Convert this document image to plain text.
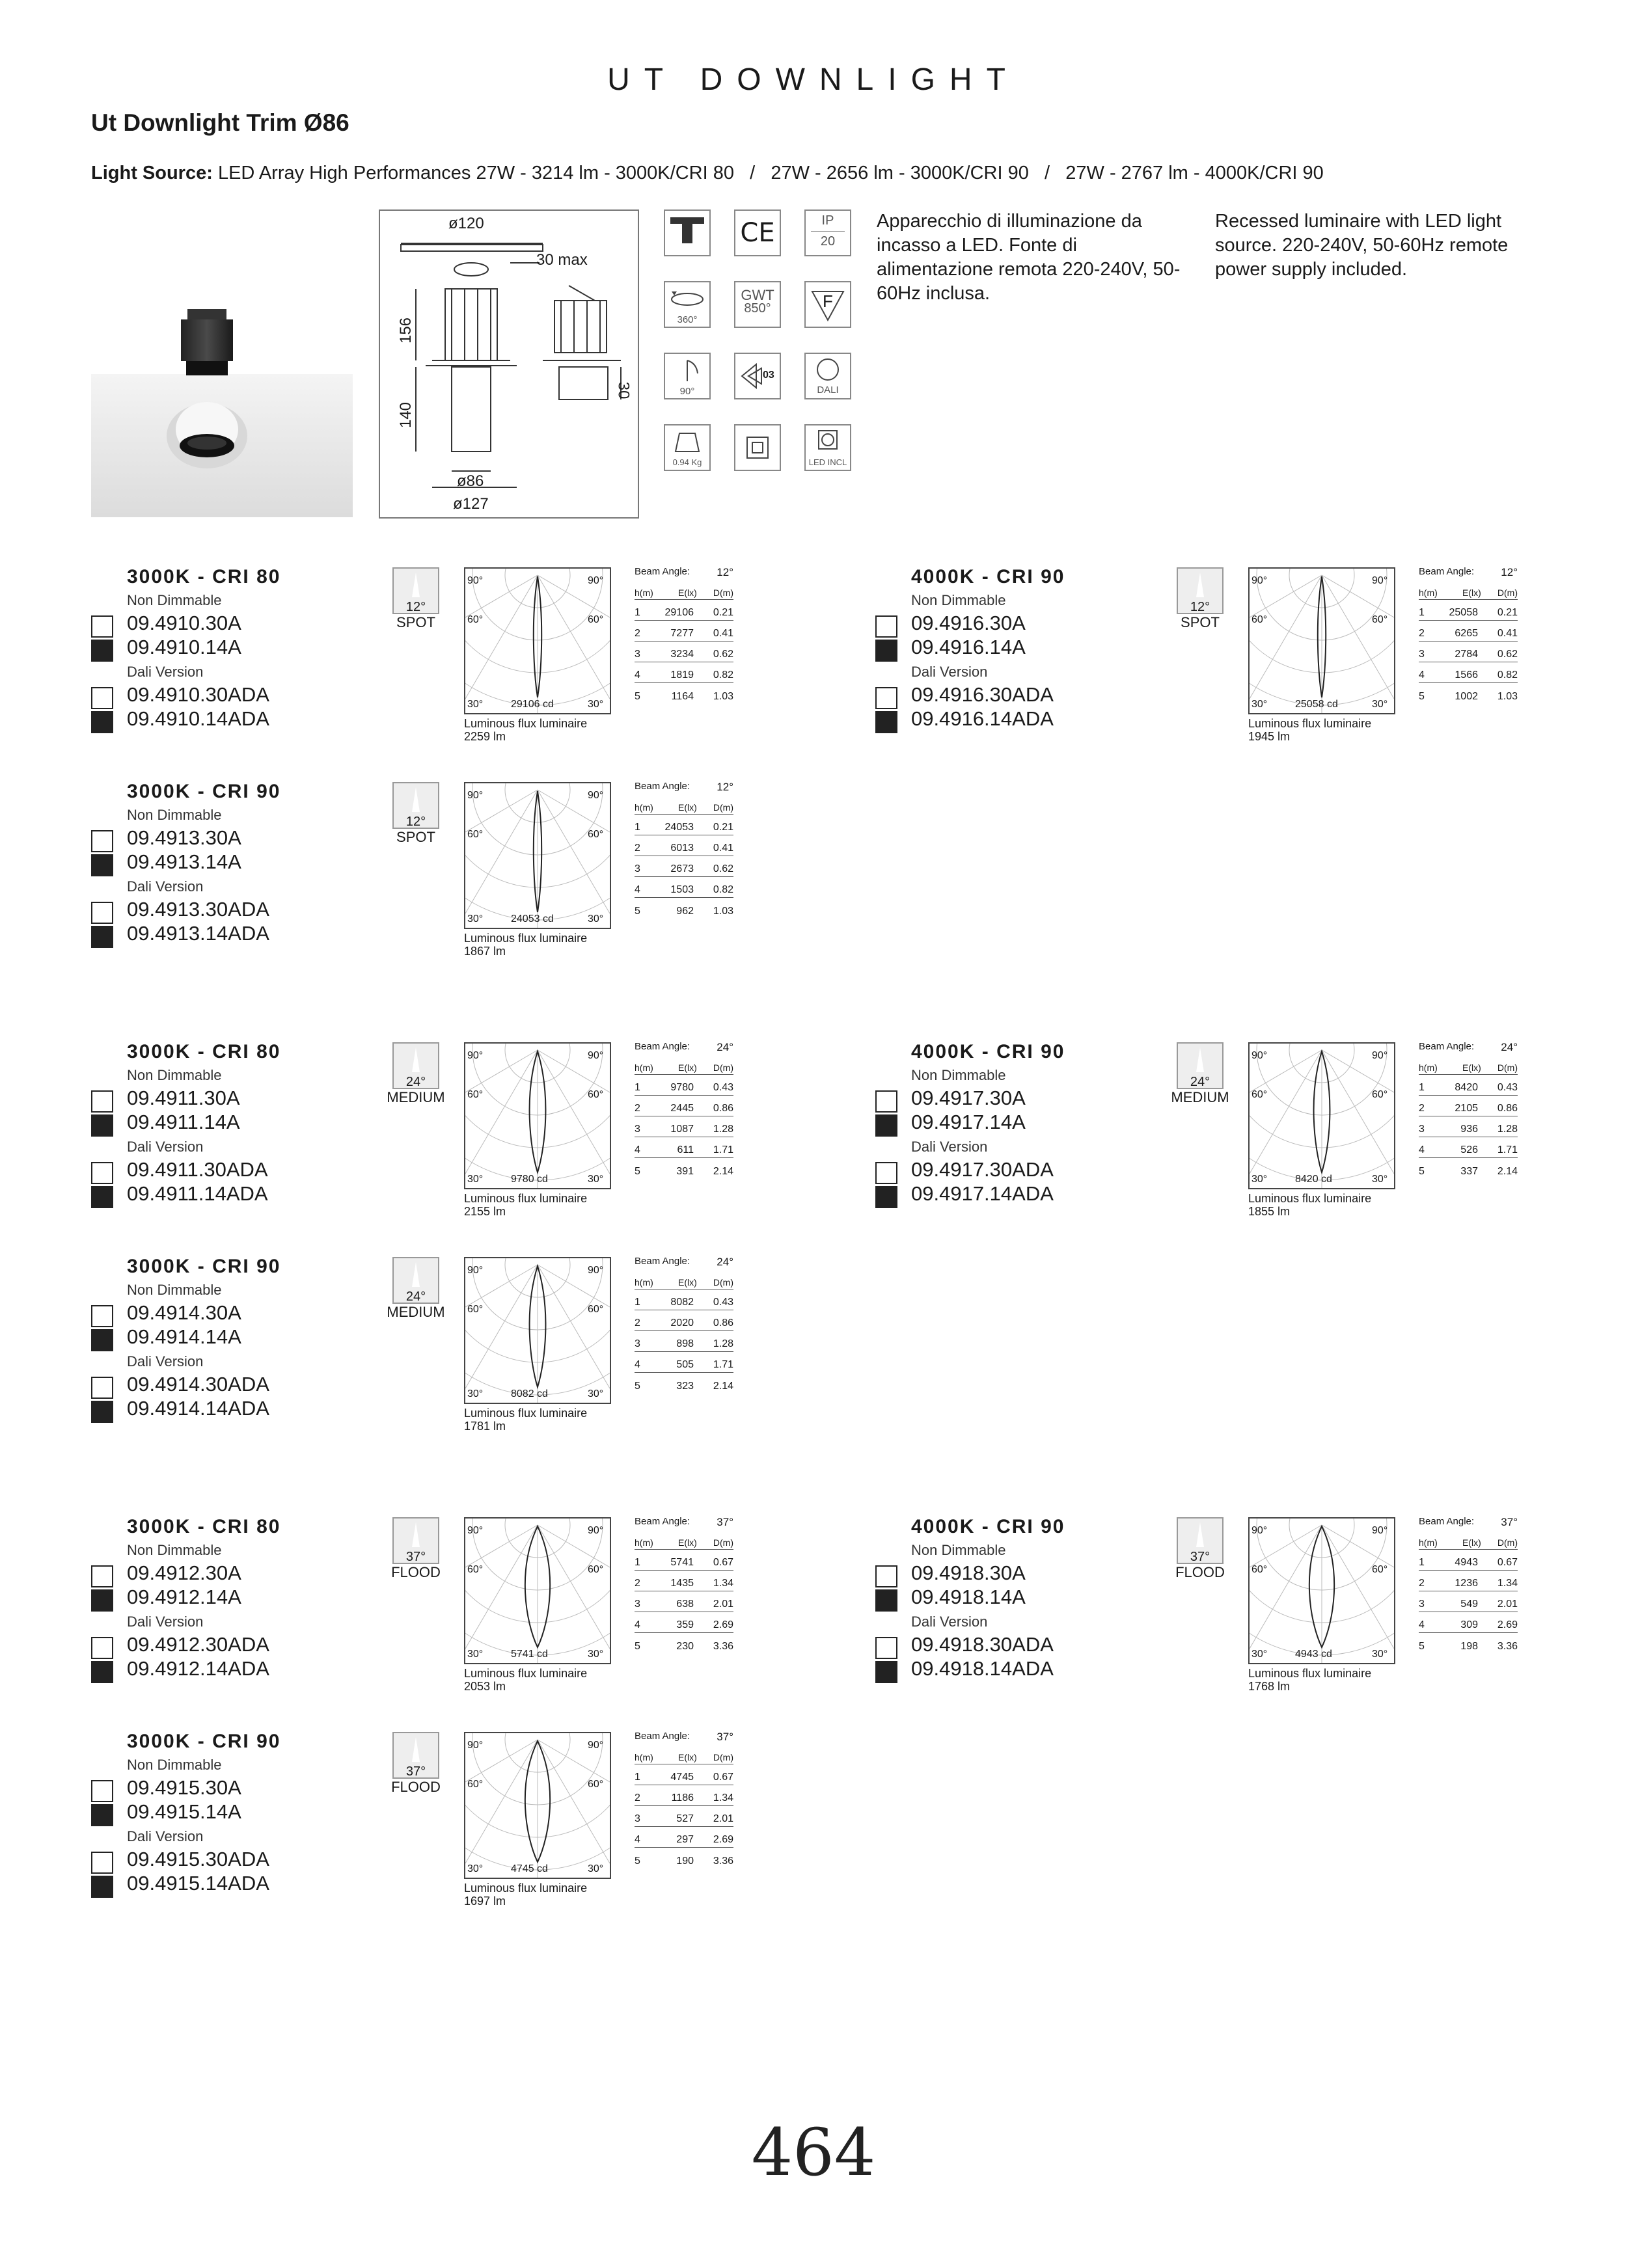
UT DOWNLIGHT
Ut Downlight Trim Ø86
Light Source: LED Array High Performances 27W - 3214 lm - 3000K/CRI 80   /   27W - 2656 lm - 3000K/CRI 90   /   27W - 2767 lm - 4000K/CRI 90
ø120
30 max
156
140
30
ø86
ø127
CE	IP
20
360°
GWT
850°	F
90°
03
DALI
0.94 Kg	LED INCL
Apparecchio di illuminazione da incasso a LED. Fonte di alimentazione remota 220-240V, 50-60Hz inclusa.
Recessed luminaire with LED light source. 220-240V, 50-60Hz remote power supply included.
3000K - CRI 80
Non Dimmable
09.4910.30A
09.4910.14A
Dali Version
09.4910.30ADA
09.4910.14ADA
12°
SPOT
90°	90°
60°	60°
30°	29106 cd	30°
Luminous flux luminaire
2259 lm
Beam Angle: 12°
h(m)	E(lx)	D(m)
1	29106	0.21
2	7277	0.41
3	3234	0.62
4	1819	0.82
5	1164	1.03
4000K - CRI 90
Non Dimmable
09.4916.30A
09.4916.14A
Dali Version
09.4916.30ADA
09.4916.14ADA
12°
SPOT
90°	90°
60°	60°
30°	25058 cd	30°
Luminous flux luminaire
1945 lm
Beam Angle: 12°
h(m)	E(lx)	D(m)
1	25058	0.21
2	6265	0.41
3	2784	0.62
4	1566	0.82
5	1002	1.03
3000K - CRI 90
Non Dimmable
09.4913.30A
09.4913.14A
Dali Version
09.4913.30ADA
09.4913.14ADA
12°
SPOT
90°	90°
60°	60°
30°	24053 cd	30°
Luminous flux luminaire
1867 lm
Beam Angle: 12°
h(m)	E(lx)	D(m)
1	24053	0.21
2	6013	0.41
3	2673	0.62
4	1503	0.82
5	962	1.03
3000K - CRI 80
Non Dimmable
09.4911.30A
09.4911.14A
Dali Version
09.4911.30ADA
09.4911.14ADA
24°
MEDIUM
90°	90°
60°	60°
30°	9780 cd	30°
Luminous flux luminaire
2155 lm
Beam Angle: 24°
h(m)	E(lx)	D(m)
1	9780	0.43
2	2445	0.86
3	1087	1.28
4	611	1.71
5	391	2.14
4000K - CRI 90
Non Dimmable
09.4917.30A
09.4917.14A
Dali Version
09.4917.30ADA
09.4917.14ADA
24°
MEDIUM
90°	90°
60°	60°
30°	8420 cd	30°
Luminous flux luminaire
1855 lm
Beam Angle: 24°
h(m)	E(lx)	D(m)
1	8420	0.43
2	2105	0.86
3	936	1.28
4	526	1.71
5	337	2.14
3000K - CRI 90
Non Dimmable
09.4914.30A
09.4914.14A
Dali Version
09.4914.30ADA
09.4914.14ADA
24°
MEDIUM
90°	90°
60°	60°
30°	8082 cd	30°
Luminous flux luminaire
1781 lm
Beam Angle: 24°
h(m)	E(lx)	D(m)
1	8082	0.43
2	2020	0.86
3	898	1.28
4	505	1.71
5	323	2.14
3000K - CRI 80
Non Dimmable
09.4912.30A
09.4912.14A
Dali Version
09.4912.30ADA
09.4912.14ADA
37°
FLOOD
90°	90°
60°	60°
30°	5741 cd	30°
Luminous flux luminaire
2053 lm
Beam Angle: 37°
h(m)	E(lx)	D(m)
1	5741	0.67
2	1435	1.34
3	638	2.01
4	359	2.69
5	230	3.36
4000K - CRI 90
Non Dimmable
09.4918.30A
09.4918.14A
Dali Version
09.4918.30ADA
09.4918.14ADA
37°
FLOOD
90°	90°
60°	60°
30°	4943 cd	30°
Luminous flux luminaire
1768 lm
Beam Angle: 37°
h(m)	E(lx)	D(m)
1	4943	0.67
2	1236	1.34
3	549	2.01
4	309	2.69
5	198	3.36
3000K - CRI 90
Non Dimmable
09.4915.30A
09.4915.14A
Dali Version
09.4915.30ADA
09.4915.14ADA
37°
FLOOD
90°	90°
60°	60°
30°	4745 cd	30°
Luminous flux luminaire
1697 lm
Beam Angle: 37°
h(m)	E(lx)	D(m)
1	4745	0.67
2	1186	1.34
3	527	2.01
4	297	2.69
5	190	3.36
464
